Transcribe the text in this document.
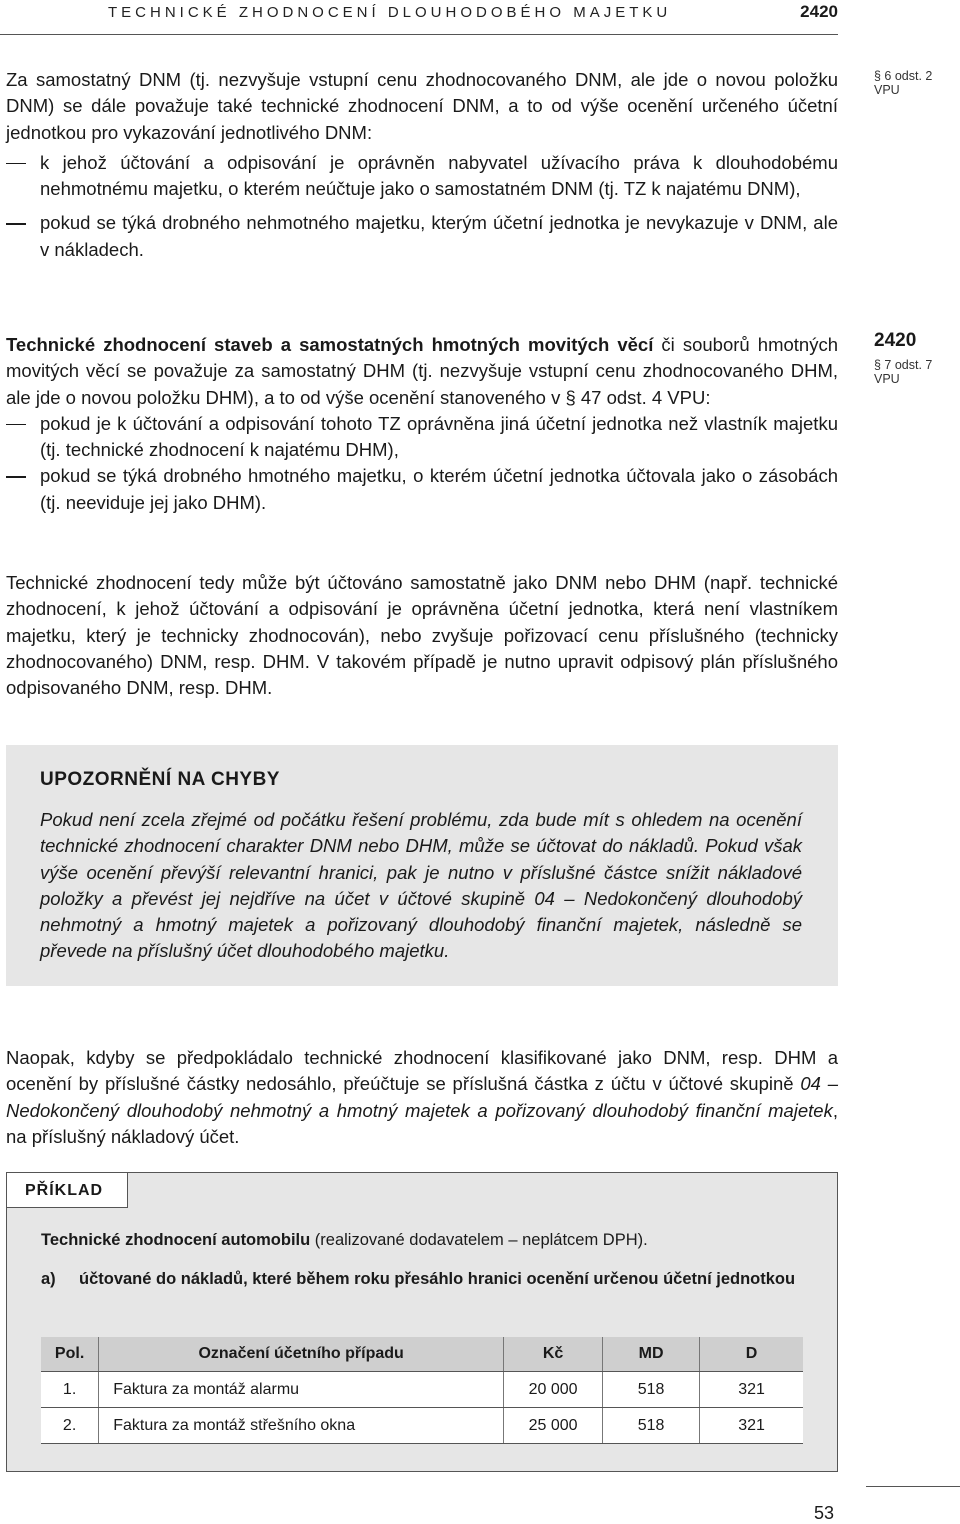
TECHNICKÉ ZHODNOCENÍ DLOUHODOBÉHO MAJETKU	2420

Za samostatný DNM (tj. nezvyšuje vstupní cenu zhodnocovaného DNM, ale jde o novou položku DNM) se dále považuje také technické zhodnocení DNM, a to od výše ocenění určeného účetní jednotkou pro vykazování jednotlivého DNM:

k jehož účtování a odpisování je oprávněn nabyvatel užívacího práva k dlouhodobému nehmotnému majetku, o kterém neúčtuje jako o samostatném DNM (tj. TZ k najatému DNM),
pokud se týká drobného nehmotného majetku, kterým účetní jednotka je nevykazuje v DNM, ale v nákladech.
§ 6 odst. 2 VPU

Technické zhodnocení staveb a samostatných hmotných movitých věcí či souborů hmotných movitých věcí se považuje za samostatný DHM (tj. nezvyšuje vstupní cenu zhodnocovaného DHM, ale jde o novou položku DHM), a to od výše ocenění stanoveného v § 47 odst. 4 VPU:

pokud je k účtování a odpisování tohoto TZ oprávněna jiná účetní jednotka než vlastník majetku (tj. technické zhodnocení k najatému DHM),
pokud se týká drobného hmotného majetku, o kterém účetní jednotka účtovala jako o zásobách (tj. neeviduje jej jako DHM).
2420
§ 7 odst. 7 VPU

Technické zhodnocení tedy může být účtováno samostatně jako DNM nebo DHM (např. technické zhodnocení, k jehož účtování a odpisování je oprávněna účetní jednotka, která není vlastníkem majetku, který je technicky zhodnocován), nebo zvyšuje pořizovací cenu příslušného (technicky zhodnocovaného) DNM, resp. DHM. V takovém případě je nutno upravit odpisový plán příslušného odpisovaného DNM, resp. DHM.

UPOZORNĚNÍ NA CHYBY
Pokud není zcela zřejmé od počátku řešení problému, zda bude mít s ohledem na ocenění technické zhodnocení charakter DNM nebo DHM, může se účtovat do nákladů. Pokud však výše ocenění převýší relevantní hranici, pak je nutno v příslušné částce snížit nákladové položky a převést jej nejdříve na účet v účtové skupině 04 – Nedokončený dlouhodobý nehmotný a hmotný majetek a pořizovaný dlouhodobý finanční majetek, následně se převede na příslušný účet dlouhodobého majetku.

Naopak, kdyby se předpokládalo technické zhodnocení klasifikované jako DNM, resp. DHM a ocenění by příslušné částky nedosáhlo, přeúčtuje se příslušná částka z účtu v účtové skupině 04 – Nedokončený dlouhodobý nehmotný a hmotný majetek a pořizovaný dlouhodobý finanční majetek, na příslušný nákladový účet.

PŘÍKLAD
Technické zhodnocení automobilu (realizované dodavatelem – neplátcem DPH).
a) účtované do nákladů, které během roku přesáhlo hranici ocenění určenou účetní jednotkou
Pol.	Označení účetního případu	Kč	MD	D
1.	Faktura za montáž alarmu	20 000	518	321
2.	Faktura za montáž střešního okna	25 000	518	321
53
